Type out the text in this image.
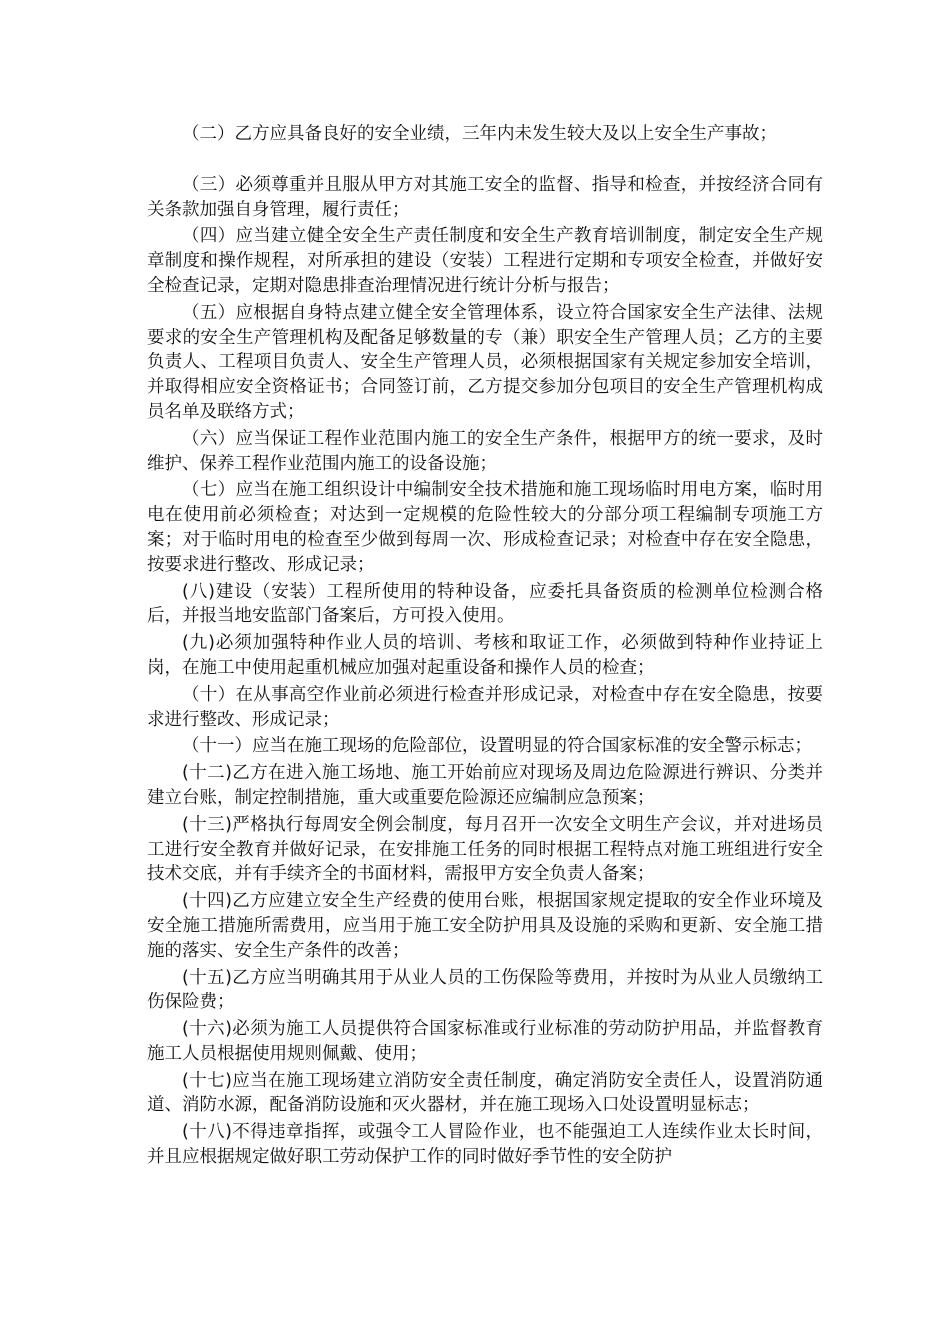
（二）乙方应具备良好的安全业绩，三年内未发生较大及以上安全生产事故；

（三）必须尊重并且服从甲方对其施工安全的监督、指导和检查，并按经济合同有关条款加强自身管理，履行责任；

（四）应当建立健全安全生产责任制度和安全生产教育培训制度，制定安全生产规章制度和操作规程，对所承担的建设（安装）工程进行定期和专项安全检查，并做好安全检查记录，定期对隐患排查治理情况进行统计分析与报告；

（五）应根据自身特点建立健全安全管理体系，设立符合国家安全生产法律、法规要求的安全生产管理机构及配备足够数量的专（兼）职安全生产管理人员；乙方的主要负责人、工程项目负责人、安全生产管理人员，必须根据国家有关规定参加安全培训，并取得相应安全资格证书；合同签订前，乙方提交参加分包项目的安全生产管理机构成员名单及联络方式；

（六）应当保证工程作业范围内施工的安全生产条件，根据甲方的统一要求，及时维护、保养工程作业范围内施工的设备设施；

（七）应当在施工组织设计中编制安全技术措施和施工现场临时用电方案，临时用电在使用前必须检查；对达到一定规模的危险性较大的分部分项工程编制专项施工方案；对于临时用电的检查至少做到每周一次、形成检查记录；对检查中存在安全隐患，按要求进行整改、形成记录；

(八)建设（安装）工程所使用的特种设备，应委托具备资质的检测单位检测合格后，并报当地安监部门备案后，方可投入使用。

(九)必须加强特种作业人员的培训、考核和取证工作，必须做到特种作业持证上岗，在施工中使用起重机械应加强对起重设备和操作人员的检查；

（十）在从事高空作业前必须进行检查并形成记录，对检查中存在安全隐患，按要求进行整改、形成记录；

（十一）应当在施工现场的危险部位，设置明显的符合国家标准的安全警示标志；

(十二)乙方在进入施工场地、施工开始前应对现场及周边危险源进行辨识、分类并建立台账，制定控制措施，重大或重要危险源还应编制应急预案；

(十三)严格执行每周安全例会制度，每月召开一次安全文明生产会议，并对进场员工进行安全教育并做好记录，在安排施工任务的同时根据工程特点对施工班组进行安全技术交底，并有手续齐全的书面材料，需报甲方安全负责人备案；

(十四)乙方应建立安全生产经费的使用台账，根据国家规定提取的安全作业环境及安全施工措施所需费用，应当用于施工安全防护用具及设施的采购和更新、安全施工措施的落实、安全生产条件的改善；

(十五)乙方应当明确其用于从业人员的工伤保险等费用，并按时为从业人员缴纳工伤保险费；

(十六)必须为施工人员提供符合国家标准或行业标准的劳动防护用品，并监督教育施工人员根据使用规则佩戴、使用；

(十七)应当在施工现场建立消防安全责任制度，确定消防安全责任人，设置消防通道、消防水源，配备消防设施和灭火器材，并在施工现场入口处设置明显标志；

(十八)不得违章指挥，或强令工人冒险作业，也不能强迫工人连续作业太长时间，并且应根据规定做好职工劳动保护工作的同时做好季节性的安全防护
